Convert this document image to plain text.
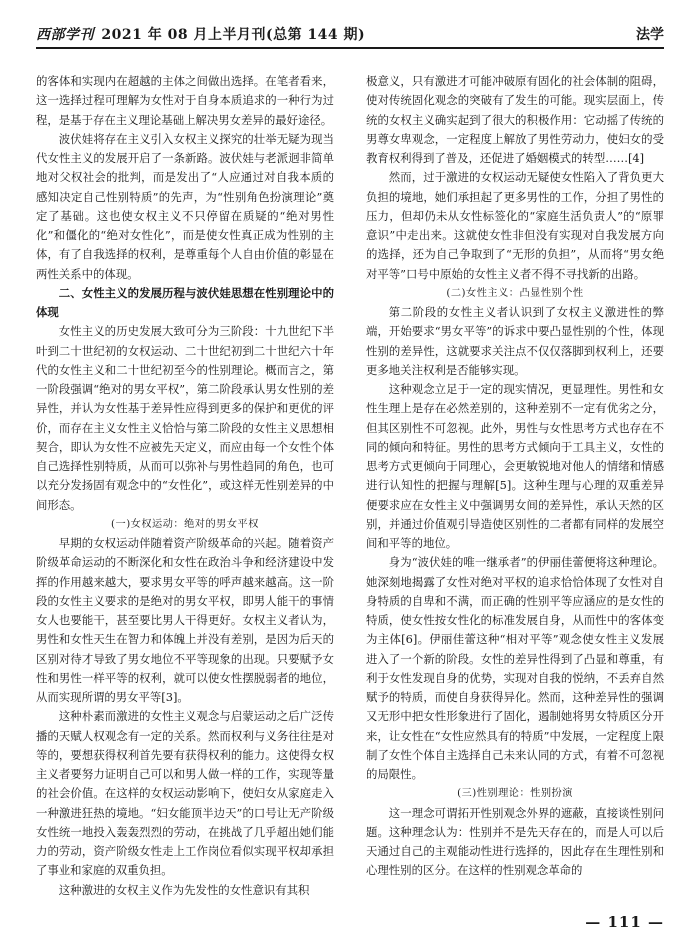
西部学刊 2021 年 08 月上半月刊(总第 144 期)	法学

的客体和实现内在超越的主体之间做出选择。在笔者看来，这一选择过程可理解为女性对于自身本质追求的一种行为过程，是基于存在主义理论基础上解决男女差异的最好途径。

波伏娃将存在主义引入女权主义探究的壮举无疑为现当代女性主义的发展开启了一条新路。波伏娃与老派迥非简单地对父权社会的批判，而是发出了“人应通过对自我本质的感知决定自己性别特质”的先声，为“性别角色扮演理论”奠定了基础。这也使女权主义不只停留在质疑的“绝对男性化”和僵化的“绝对女性化”，而是使女性真正成为性别的主体，有了自我选择的权利，是尊重每个人自由价值的彰显在两性关系中的体现。

二、女性主义的发展历程与波伏娃思想在性别理论中的体现

女性主义的历史发展大致可分为三阶段：十九世纪下半叶到二十世纪初的女权运动、二十世纪初到二十世纪六十年代的女性主义和二十世纪初至今的性别理论。概而言之，第一阶段强调“绝对的男女平权”，第二阶段承认男女性别的差异性，并认为女性基于差异性应得到更多的保护和更优的评价，而存在主义女性主义恰恰与第二阶段的女性主义思想相契合，即认为女性不应被先天定义，而应由每一个女性个体自己选择性别特质，从而可以弥补与男性趋同的角色，也可以充分发扬固有观念中的“女性化”，或这样无性别差异的中间形态。

(一)女权运动：绝对的男女平权

早期的女权运动伴随着资产阶级革命的兴起。随着资产阶级革命运动的不断深化和女性在政治斗争和经济建设中发挥的作用越来越大，要求男女平等的呼声越来越高。这一阶段的女性主义要求的是绝对的男女平权，即男人能干的事情女人也要能干，甚至要比男人干得更好。女权主义者认为，男性和女性天生在智力和体魄上并没有差别，是因为后天的区别对待才导致了男女地位不平等现象的出现。只要赋予女性和男性一样平等的权利，就可以使女性摆脱弱者的地位，从而实现所谓的男女平等[3]。

这种朴素而激进的女性主义观念与启蒙运动之后广泛传播的天赋人权观念有一定的关系。然而权利与义务往往是对等的，要想获得权利首先要有获得权利的能力。这使得女权主义者要努力证明自己可以和男人做一样的工作，实现等量的社会价值。在这样的女权运动影响下，使妇女从家庭走入一种激进狂热的境地。“妇女能顶半边天”的口号让无产阶级女性统一地投入轰轰烈烈的劳动，在挑战了几乎超出她们能力的劳动，资产阶级女性走上工作岗位看似实现平权却承担了事业和家庭的双重负担。

这种激进的女权主义作为先发性的女性意识有其积

极意义，只有激进才可能冲破原有固化的社会体制的阻碍，使对传统固化观念的突破有了发生的可能。现实层面上，传统的女权主义确实起到了很大的积极作用：它动摇了传统的男尊女卑观念，一定程度上解放了男性劳动力，使妇女的受教育权利得到了普及，还促进了婚姻模式的转型……[4]

然而，过于激进的女权运动无疑使女性陷入了背负更大负担的境地，她们承担起了更多男性的工作，分担了男性的压力，但却仍未从女性标签化的“家庭生活负责人”的“原罪意识”中走出来。这就使女性非但没有实现对自我发展方向的选择，还为自己争取到了“无形的负担”，从而将“男女绝对平等”口号中原始的女性主义者不得不寻找新的出路。

(二)女性主义：凸显性别个性

第二阶段的女性主义者认识到了女权主义激进性的弊端，开始要求“男女平等”的诉求中要凸显性别的个性，体现性别的差异性，这就要求关注点不仅仅落脚到权利上，还要更多地关注权利是否能够实现。

这种观念立足于一定的现实情况，更显理性。男性和女性生理上是存在必然差别的，这种差别不一定有优劣之分，但其区别性不可忽视。此外，男性与女性思考方式也存在不同的倾向和特征。男性的思考方式倾向于工具主义，女性的思考方式更倾向于同理心，会更敏锐地对他人的情绪和情感进行认知性的把握与理解[5]。这种生理与心理的双重差异便要求应在女性主义中强调男女间的差异性，承认天然的区别，并通过价值观引导造使区别性的二者都有同样的发展空间和平等的地位。

身为“波伏娃的唯一继承者”的伊丽佳蕾便将这种理论。她深刻地揭露了女性对绝对平权的追求恰恰体现了女性对自身特质的自卑和不满，而正确的性别平等应涵应的是女性的特质，使女性按女性化的标准发展自身，从而性中的客体变为主体[6]。伊丽佳蕾这种“相对平等”观念使女性主义发展进入了一个新的阶段。女性的差异性得到了凸显和尊重，有利于女性发现自身的优势，实现对自我的悦纳，不丢弃自然赋予的特质，而使自身获得异化。然而，这种差异性的强调又无形中把女性形象进行了固化，遏制她将男女特质区分开来，让女性在“女性应然具有的特质”中发展，一定程度上限制了女性个体自主选择自己未来认同的方式，有着不可忽视的局限性。

(三)性别理论：性别扮演

这一理念可谓拓开性别观念外界的遮蔽，直接谈性别问题。这种理念认为：性别并不是先天存在的，而是人可以后天通过自己的主观能动性进行选择的，因此存在生理性别和心理性别的区分。在这样的性别观念革命的

— 111 —
